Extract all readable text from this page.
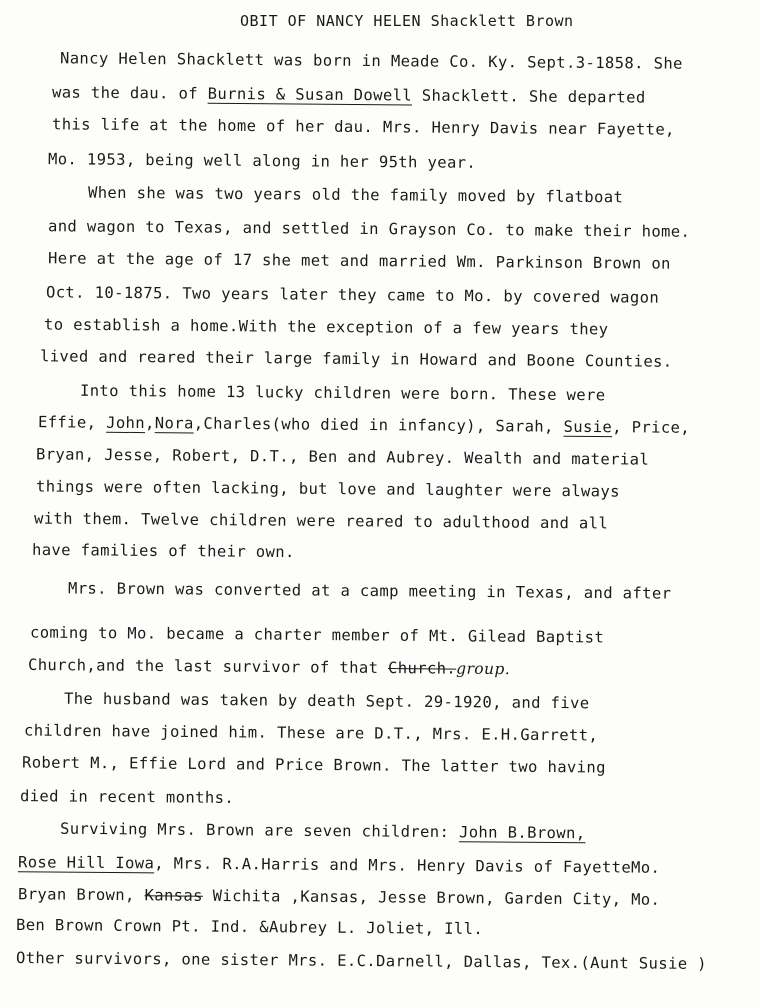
OBIT OF NANCY HELEN Shacklett Brown
Nancy Helen Shacklett was born in Meade Co. Ky. Sept.3-1858. She
was the dau. of Burnis & Susan Dowell Shacklett. She departed
this life at the home of her dau. Mrs. Henry Davis near Fayette,
Mo. 1953, being well along in her 95th year.
When she was two years old the family moved by flatboat
and wagon to Texas, and settled in Grayson Co. to make their home.
Here at the age of 17 she met and married Wm. Parkinson Brown on
Oct. 10-1875. Two years later they came to Mo. by covered wagon
to establish a home.With the exception of a few years they
lived and reared their large family in Howard and Boone Counties.
Into this home 13 lucky children were born. These were
Effie, John,Nora,Charles(who died in infancy), Sarah, Susie, Price,
Bryan, Jesse, Robert, D.T., Ben and Aubrey. Wealth and material
things were often lacking, but love and laughter were always
with them. Twelve children were reared to adulthood and all
have families of their own.
Mrs. Brown was converted at a camp meeting in Texas, and after
coming to Mo. became a charter member of Mt. Gilead Baptist
Church,and the last survivor of that Church.group.
The husband was taken by death Sept. 29-1920, and five
children have joined him. These are D.T., Mrs. E.H.Garrett,
Robert M., Effie Lord and Price Brown. The latter two having
died in recent months.
Surviving Mrs. Brown are seven children: John B.Brown,
Rose Hill Iowa, Mrs. R.A.Harris and Mrs. Henry Davis of FayetteMo.
Bryan Brown, Kansas Wichita ,Kansas, Jesse Brown, Garden City, Mo.
Ben Brown Crown Pt. Ind. &Aubrey L. Joliet, Ill.
Other survivors, one sister Mrs. E.C.Darnell, Dallas, Tex.(Aunt Susie )
